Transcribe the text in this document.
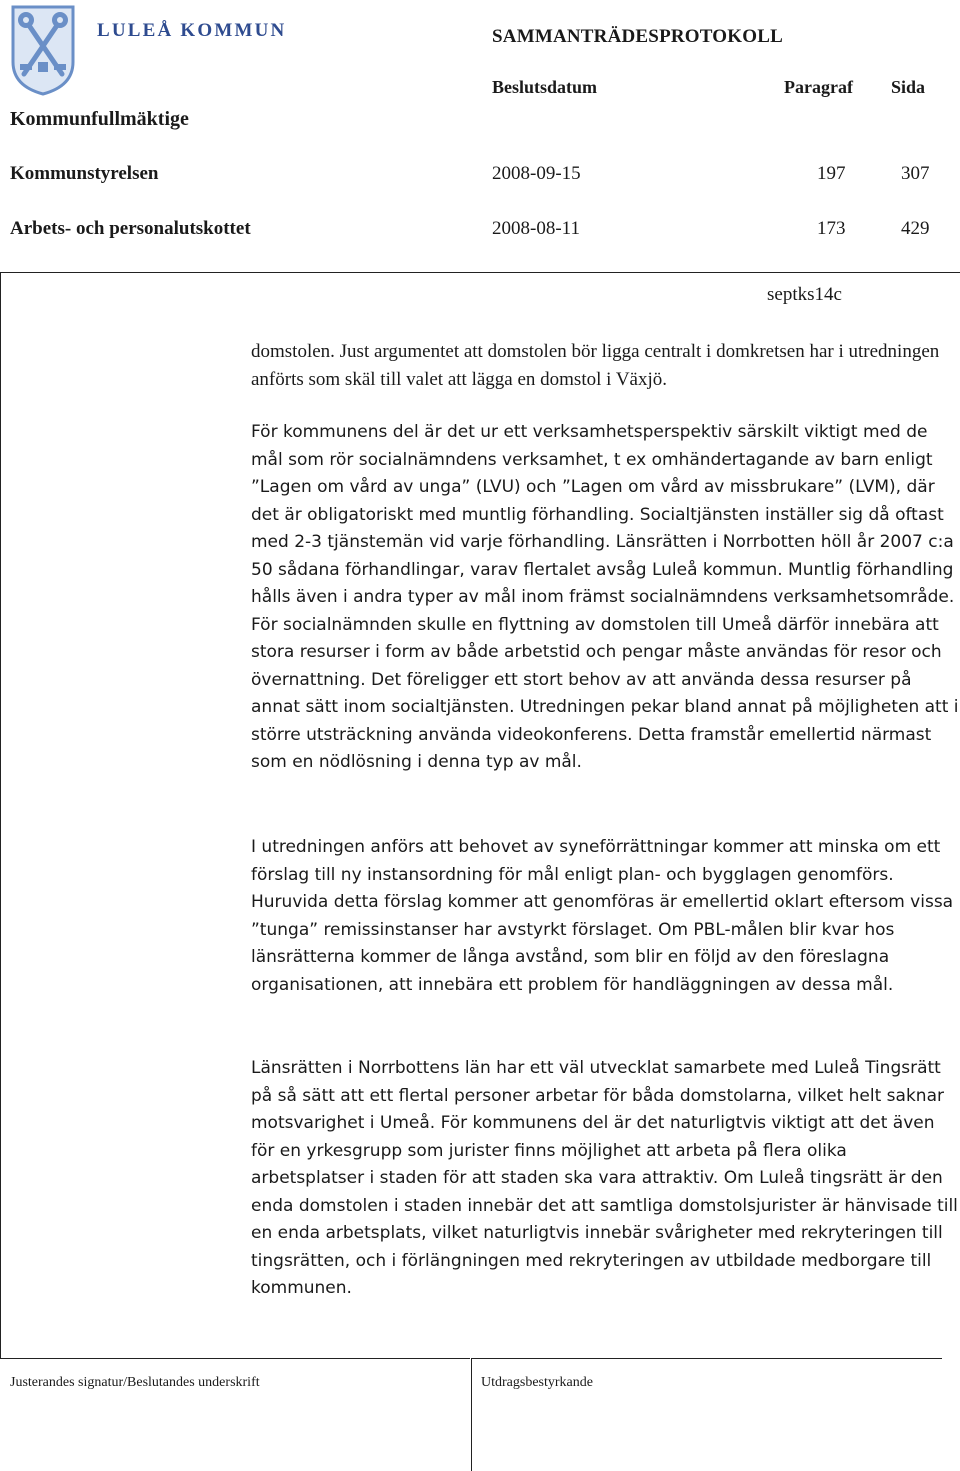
LULEÅ KOMMUN	SAMMANTRÄDESPROTOKOLL
Beslutsdatum	Paragraf Sida
Kommunfullmäktige
Kommunstyrelsen	2008-09-15	197	307
Arbets- och personalutskottet	2008-08-11	173	429
septks14c
domstolen. Just argumentet att domstolen bör ligga centralt i domkretsen har i utredningen anförts som skäl till valet att lägga en domstol i Växjö.
För kommunens del är det ur ett verksamhetsperspektiv särskilt viktigt med de mål som rör socialnämndens verksamhet, t ex omhändertagande av barn enligt ”Lagen om vård av unga” (LVU) och ”Lagen om vård av missbrukare” (LVM), där det är obligatoriskt med muntlig förhandling. Socialtjänsten inställer sig då oftast med 2-3 tjänstemän vid varje förhandling. Länsrätten i Norrbotten höll år 2007 c:a 50 sådana förhandlingar, varav flertalet avsåg Luleå kommun. Muntlig förhandling hålls även i andra typer av mål inom främst socialnämndens verksamhetsområde. För socialnämnden skulle en flyttning av domstolen till Umeå därför innebära att stora resurser i form av både arbetstid och pengar måste användas för resor och övernattning. Det föreligger ett stort behov av att använda dessa resurser på annat sätt inom socialtjänsten. Utredningen pekar bland annat på möjligheten att i större utsträckning använda videokonferens. Detta framstår emellertid närmast som en nödlösning i denna typ av mål.
I utredningen anförs att behovet av syneförrättningar kommer att minska om ett förslag till ny instansordning för mål enligt plan- och bygglagen genomförs. Huruvida detta förslag kommer att genomföras är emellertid oklart eftersom vissa ”tunga” remissinstanser har avstyrkt förslaget. Om PBL-målen blir kvar hos länsrätterna kommer de långa avstånd, som blir en följd av den föreslagna organisationen, att innebära ett problem för handläggningen av dessa mål.
Länsrätten i Norrbottens län har ett väl utvecklat samarbete med Luleå Tingsrätt på så sätt att ett flertal personer arbetar för båda domstolarna, vilket helt saknar motsvarighet i Umeå. För kommunens del är det naturligtvis viktigt att det även för en yrkesgrupp som jurister finns möjlighet att arbeta på flera olika arbetsplatser i staden för att staden ska vara attraktiv. Om Luleå tingsrätt är den enda domstolen i staden innebär det att samtliga domstolsjurister är hänvisade till en enda arbetsplats, vilket naturligtvis innebär svårigheter med rekryteringen till tingsrätten, och i förlängningen med rekryteringen av utbildade medborgare till kommunen.
Justerandes signatur/Beslutandes underskrift	Utdragsbestyrkande
